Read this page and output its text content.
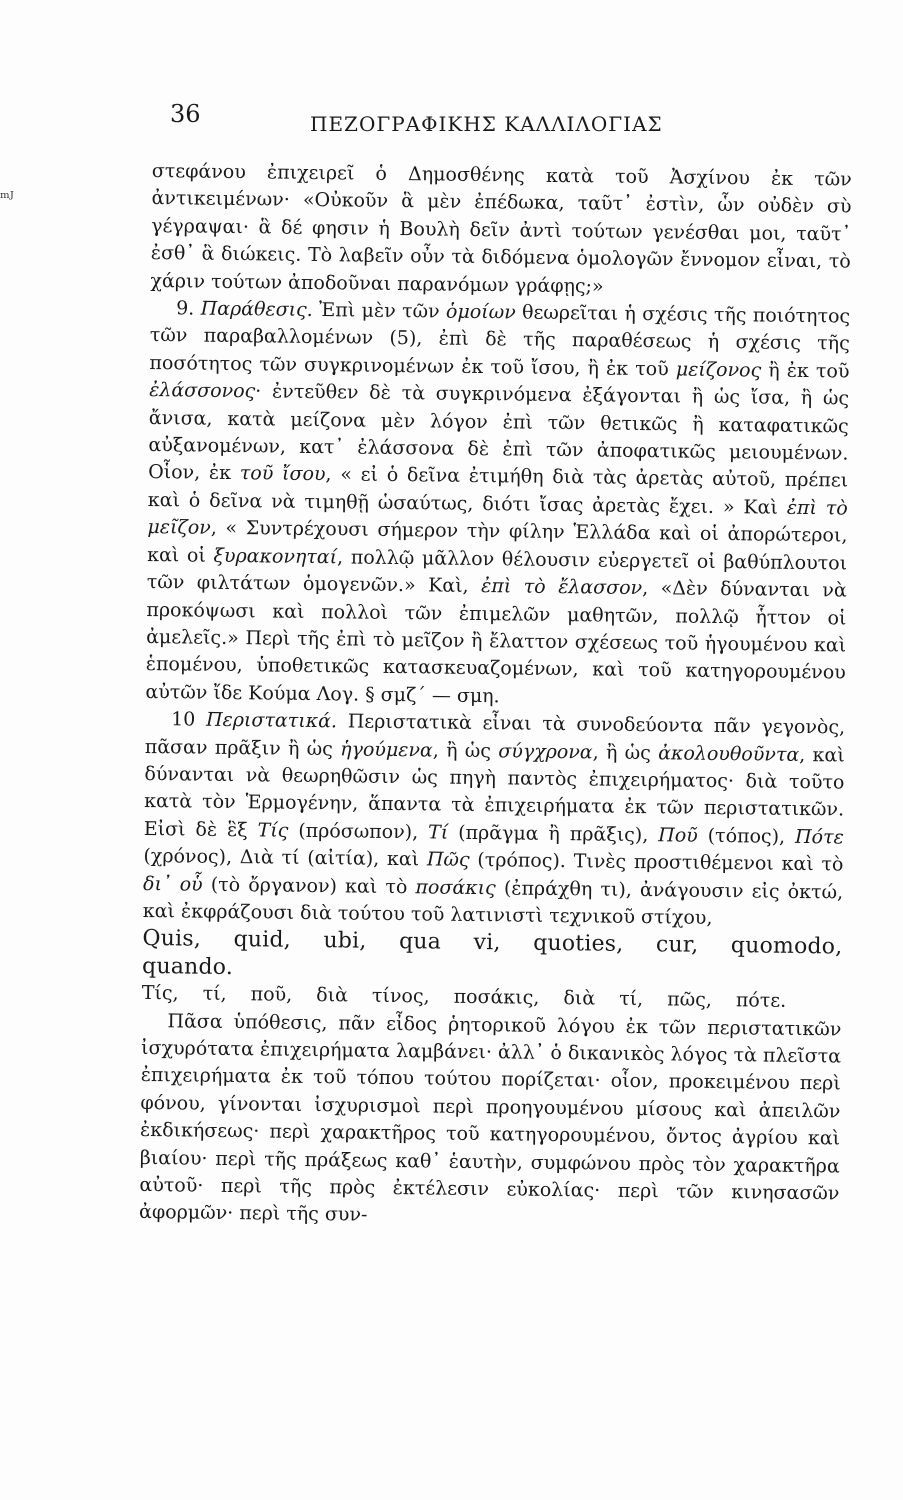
ᵐᴶ
36	ΠΕΖΟΓΡΑΦΙΚΗΣ ΚΑΛΛΙΛΟΓΙΑΣ

στεφάνου ἐπιχειρεῖ ὁ Δημοσθένης κατὰ τοῦ Ἀσχίνου ἐκ τῶν ἀντικειμένων· «Οὐκοῦν ἃ μὲν ἐπέδωκα, ταῦτ᾽ ἐστὶν, ὧν οὐδὲν σὺ γέγραψαι· ἃ δέ φησιν ἡ Βουλὴ δεῖν ἀντὶ τούτων γενέσθαι μοι, ταῦτ᾽ ἐσθ᾽ ἃ διώκεις. Τὸ λαβεῖν οὖν τὰ διδόμενα ὁμολογῶν ἔννομον εἶναι, τὸ χάριν τούτων ἀποδοῦναι παρανόμων γράφῃς;»

9. Παράθεσις. Ἐπὶ μὲν τῶν ὁμοίων θεωρεῖται ἡ σχέσις τῆς ποιότητος τῶν παραβαλλομένων (5), ἐπὶ δὲ τῆς παραθέσεως ἡ σχέσις τῆς ποσότητος τῶν συγκρινομένων ἐκ τοῦ ἴσου, ἢ ἐκ τοῦ μείζονος ἢ ἐκ τοῦ ἐλάσσονος· ἐντεῦθεν δὲ τὰ συγκρινόμενα ἐξάγονται ἢ ὡς ἴσα, ἢ ὡς ἄνισα, κατὰ μείζονα μὲν λόγον ἐπὶ τῶν θετικῶς ἢ καταφατικῶς αὐξανομένων, κατ᾽ ἐλάσσονα δὲ ἐπὶ τῶν ἀποφατικῶς μειουμένων. Οἷον, ἐκ τοῦ ἴσου, « εἰ ὁ δεῖνα ἐτιμήθη διὰ τὰς ἀρετὰς αὐτοῦ, πρέπει καὶ ὁ δεῖνα νὰ τιμηθῇ ὡσαύτως, διότι ἴσας ἀρετὰς ἔχει. » Καὶ ἐπὶ τὸ μεῖζον, « Συντρέχουσι σήμερον τὴν φίλην Ἑλλάδα καὶ οἱ ἀπορώτεροι, καὶ οἱ ξυρακονηταί, πολλῷ μᾶλλον θέλουσιν εὐεργετεῖ οἱ βαθύπλουτοι τῶν φιλτάτων ὁμογενῶν.» Καὶ, ἐπὶ τὸ ἔλασσον, «Δὲν δύνανται νὰ προκόψωσι καὶ πολλοὶ τῶν ἐπιμελῶν μαθητῶν, πολλῷ ἧττον οἱ ἀμελεῖς.» Περὶ τῆς ἐπὶ τὸ μεῖζον ἢ ἔλαττον σχέσεως τοῦ ἡγουμένου καὶ ἑπομένου, ὑποθετικῶς κατασκευαζομένων, καὶ τοῦ κατηγορουμένου αὐτῶν ἴδε Κούμα Λογ. § σμζ΄ — σμη.

10 Περιστατικά. Περιστατικὰ εἶναι τὰ συνοδεύοντα πᾶν γεγονὸς, πᾶσαν πρᾶξιν ἢ ὡς ἡγούμενα, ἢ ὡς σύγχρονα, ἢ ὡς ἀκολουθοῦντα, καὶ δύνανται νὰ θεωρηθῶσιν ὡς πηγὴ παντὸς ἐπιχειρήματος· διὰ τοῦτο κατὰ τὸν Ἑρμογένην, ἅπαντα τὰ ἐπιχειρήματα ἐκ τῶν περιστατικῶν. Εἰσὶ δὲ ἓξ Τίς (πρόσωπον), Τί (πρᾶγμα ἢ πρᾶξις), Ποῦ (τόπος), Πότε (χρόνος), Διὰ τί (αἰτία), καὶ Πῶς (τρόπος). Τινὲς προστιθέμενοι καὶ τὸ δι᾽ οὗ (τὸ ὄργανον) καὶ τὸ ποσάκις (ἐπράχθη τι), ἀνάγουσιν εἰς ὀκτώ, καὶ ἐκφράζουσι διὰ τούτου τοῦ λατινιστὶ τεχνικοῦ στίχου,

Quis, quid, ubi, qua vi, quoties, cur, quomodo, quando.

Τίς, τί, ποῦ, διὰ τίνος, ποσάκις, διὰ τί, πῶς, πότε.

Πᾶσα ὑπόθεσις, πᾶν εἶδος ῥητορικοῦ λόγου ἐκ τῶν περιστατικῶν ἰσχυρότατα ἐπιχειρήματα λαμβάνει· ἀλλ᾽ ὁ δικανικὸς λόγος τὰ πλεῖστα ἐπιχειρήματα ἐκ τοῦ τόπου τούτου πορίζεται· οἷον, προκειμένου περὶ φόνου, γίνονται ἰσχυρισμοὶ περὶ προηγουμένου μίσους καὶ ἀπειλῶν ἐκδικήσεως· περὶ χαρακτῆρος τοῦ κατηγορουμένου, ὄντος ἀγρίου καὶ βιαίου· περὶ τῆς πράξεως καθ᾽ ἑαυτὴν, συμφώνου πρὸς τὸν χαρακτῆρα αὐτοῦ· περὶ τῆς πρὸς ἐκτέλεσιν εὐκολίας· περὶ τῶν κινησασῶν ἀφορμῶν· περὶ τῆς συν-
